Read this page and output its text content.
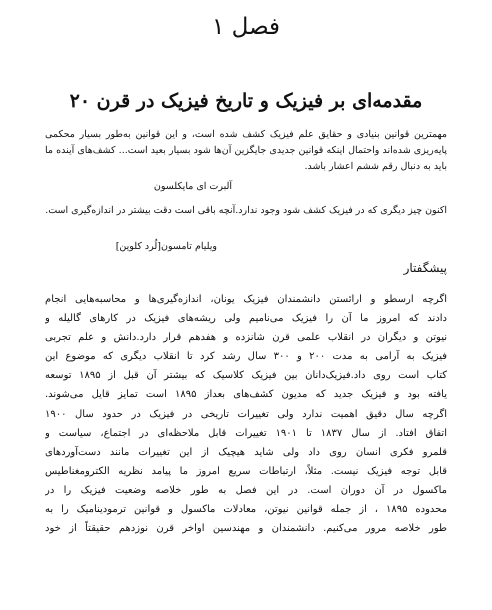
فصل ۱
مقدمه‌ای بر فیزیک و تاریخ فیزیک در قرن ۲۰
مهمترین قوانین بنیادی و حقایق علم فیزیک کشف شده است، و این قوانین به‌طور بسیار محکمی پایه‌ریزی شده‌اند واحتمال اینکه قوانین جدیدی جایگزین آن‌ها شود بسیار بعید است... کشف‌های آینده ما باید به دنبال رقم ششم اعشار باشد.
آلبرت ای مایکلسون
اکنون چیز دیگری که در فیزیک کشف شود وجود ندارد.آنچه باقی است دقت بیشتر در اندازه‌گیری است.
ویلیام تامسون[لُرد کلوین]
پیشگفتار
اگرچه ارسطو و ارائستن دانشمندان فیزیک یونان، اندازه‌گیری‌ها و محاسبه‌هایی انجام
دادند که امروز ما آن را فیزیک می‌نامیم ولی ریشه‌های فیزیک در کارهای گالیله و
نیوتن و دیگران در انقلاب علمی قرن شانزده و هفدهم قرار دارد.دانش و علم تجربی
فیزیک به آرامی به مدت ۲۰۰ و ۳۰۰ سال رشد کرد تا انقلاب دیگری که موضوع این
کتاب است روی داد.فیزیک‌دانان بین فیزیک کلاسیک که بیشتر آن قبل از ۱۸۹۵ توسعه
یافته بود و فیزیک جدید که مدیون کشف‌های بعداز ۱۸۹۵ است تمایز قایل می‌شوند.
اگرچه سال دقیق اهمیت ندارد ولی تغییرات تاریخی در فیزیک در حدود سال ۱۹۰۰
اتفاق افتاد. از سال ۱۸۳۷ تا ۱۹۰۱ تغییرات قابل ملاحظه‌ای در اجتماع، سیاست و
قلمرو فکری انسان روی داد ولی شاید هیچیک از این تغییرات مانند دست‌آوردهای
قابل توجه فیزیک نیست. مثلاً، ارتباطات سریع امروز ما پیامد نظریه الکترومغناطیس
ماکسول در آن دوران است. در این فصل به طور خلاصه وضعیت فیزیک را در
محدوده ۱۸۹۵ ، از جمله قوانین نیوتن، معادلات ماکسول و قوانین ترمودینامیک را به
طور خلاصه مرور می‌کنیم. دانشمندان و مهندسین اواخر قرن نوزدهم حقیقتاً از خود
